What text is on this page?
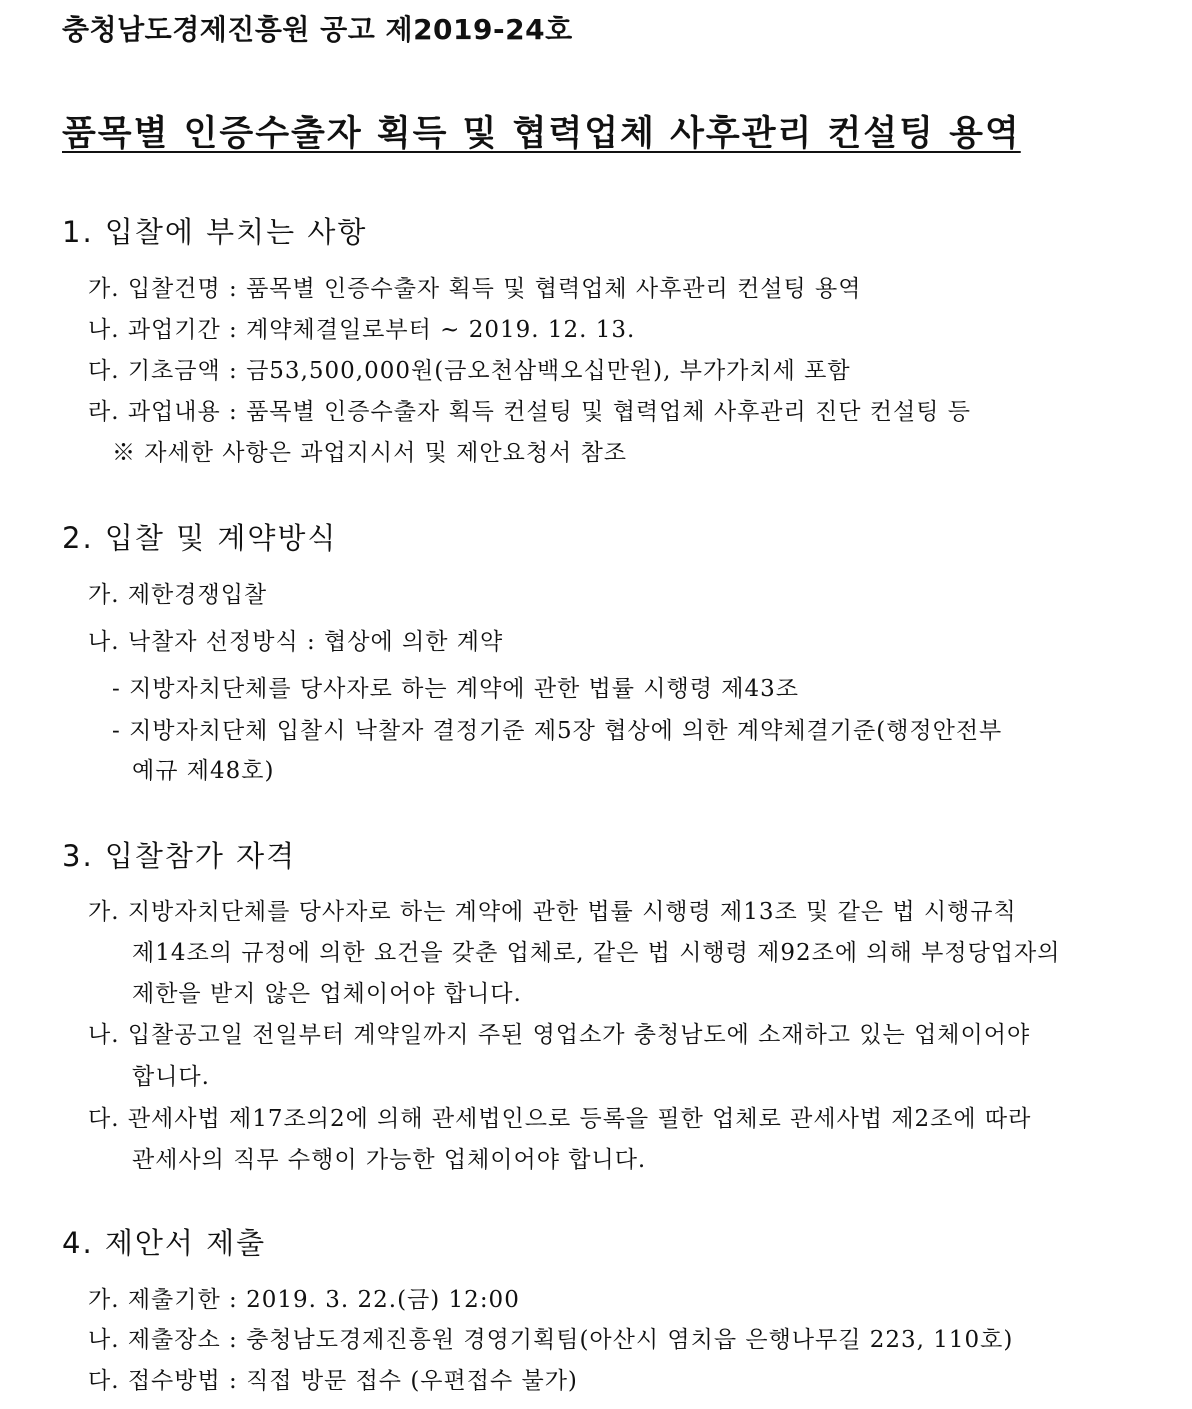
충청남도경제진흥원 공고 제2019-24호
품목별 인증수출자 획득 및 협력업체 사후관리 컨설팅 용역
1. 입찰에 부치는 사항
가. 입찰건명 : 품목별 인증수출자 획득 및 협력업체 사후관리 컨설팅 용역
나. 과업기간 : 계약체결일로부터 ~ 2019. 12. 13.
다. 기초금액 : 금53,500,000원(금오천삼백오십만원), 부가가치세 포함
라. 과업내용 : 품목별 인증수출자 획득 컨설팅 및 협력업체 사후관리 진단 컨설팅 등
※ 자세한 사항은 과업지시서 및 제안요청서 참조
2. 입찰 및 계약방식
가. 제한경쟁입찰
나. 낙찰자 선정방식 : 협상에 의한 계약
- 지방자치단체를 당사자로 하는 계약에 관한 법률 시행령 제43조
- 지방자치단체 입찰시 낙찰자 결정기준 제5장 협상에 의한 계약체결기준(행정안전부
예규 제48호)
3. 입찰참가 자격
가. 지방자치단체를 당사자로 하는 계약에 관한 법률 시행령 제13조 및 같은 법 시행규칙
제14조의 규정에 의한 요건을 갖춘 업체로, 같은 법 시행령 제92조에 의해 부정당업자의
제한을 받지 않은 업체이어야 합니다.
나. 입찰공고일 전일부터 계약일까지 주된 영업소가 충청남도에 소재하고 있는 업체이어야
합니다.
다. 관세사법 제17조의2에 의해 관세법인으로 등록을 필한 업체로 관세사법 제2조에 따라
관세사의 직무 수행이 가능한 업체이어야 합니다.
4. 제안서 제출
가. 제출기한 : 2019. 3. 22.(금) 12:00
나. 제출장소 : 충청남도경제진흥원 경영기획팀(아산시 염치읍 은행나무길 223, 110호)
다. 접수방법 : 직접 방문 접수 (우편접수 불가)
